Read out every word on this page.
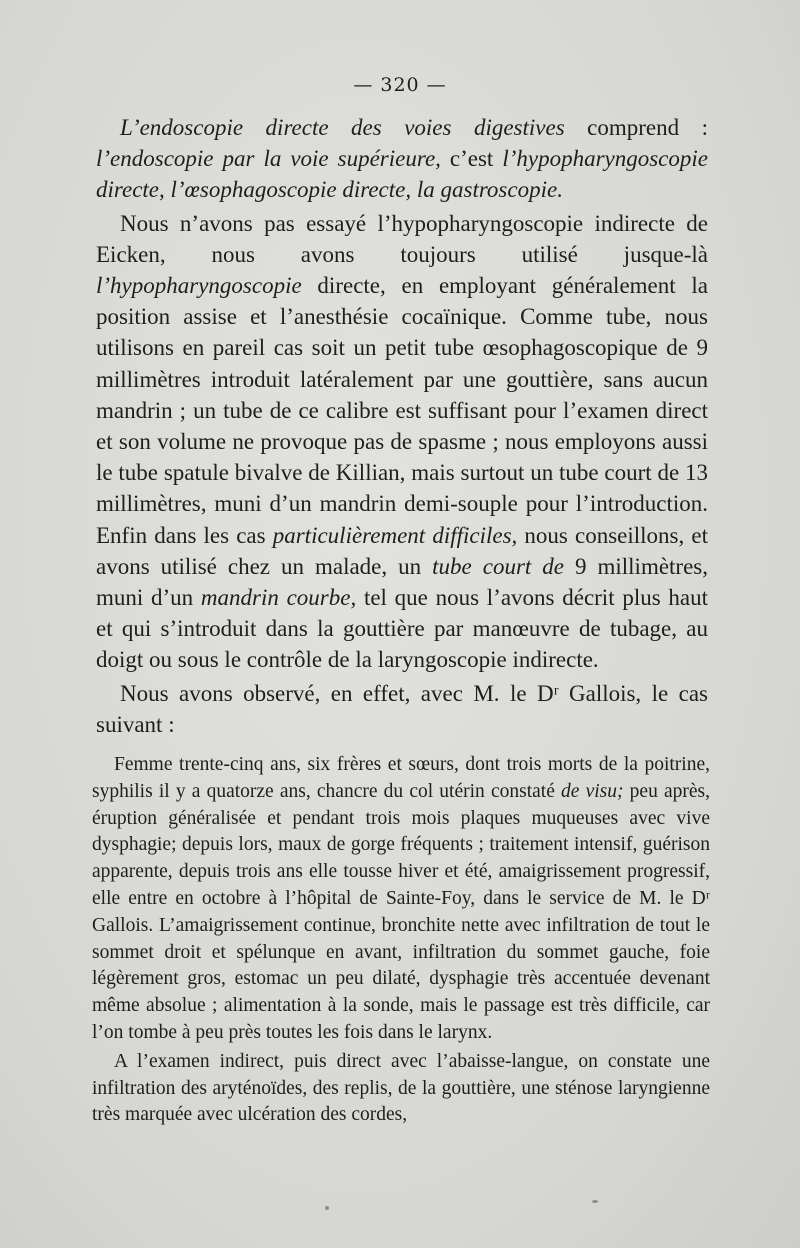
— 320 —

L’endoscopie directe des voies digestives comprend : l’endoscopie par la voie supérieure, c’est l’hypopharyngoscopie directe, l’œsophagoscopie directe, la gastroscopie.

Nous n’avons pas essayé l’hypopharyngoscopie indirecte de Eicken, nous avons toujours utilisé jusque-là l’hypopharyngoscopie directe, en employant généralement la position assise et l’anesthésie cocaïnique. Comme tube, nous utilisons en pareil cas soit un petit tube œsophagoscopique de 9 millimètres introduit latéralement par une gouttière, sans aucun mandrin ; un tube de ce calibre est suffisant pour l’examen direct et son volume ne provoque pas de spasme ; nous employons aussi le tube spatule bivalve de Killian, mais surtout un tube court de 13 millimètres, muni d’un mandrin demi-souple pour l’introduction. Enfin dans les cas particulièrement difficiles, nous conseillons, et avons utilisé chez un malade, un tube court de 9 millimètres, muni d’un mandrin courbe, tel que nous l’avons décrit plus haut et qui s’introduit dans la gouttière par manœuvre de tubage, au doigt ou sous le contrôle de la laryngoscopie indirecte.

Nous avons observé, en effet, avec M. le Dʳ Gallois, le cas suivant :

Femme trente-cinq ans, six frères et sœurs, dont trois morts de la poitrine, syphilis il y a quatorze ans, chancre du col utérin constaté de visu; peu après, éruption généralisée et pendant trois mois plaques muqueuses avec vive dysphagie; depuis lors, maux de gorge fréquents ; traitement intensif, guérison apparente, depuis trois ans elle tousse hiver et été, amaigrissement progressif, elle entre en octobre à l’hôpital de Sainte-Foy, dans le service de M. le Dʳ Gallois. L’amaigrissement continue, bronchite nette avec infiltration de tout le sommet droit et spélunque en avant, infiltration du sommet gauche, foie légèrement gros, estomac un peu dilaté, dysphagie très accentuée devenant même absolue ; alimentation à la sonde, mais le passage est très difficile, car l’on tombe à peu près toutes les fois dans le larynx.

A l’examen indirect, puis direct avec l’abaisse-langue, on constate une infiltration des aryténoïdes, des replis, de la gouttière, une sténose laryngienne très marquée avec ulcération des cordes,
